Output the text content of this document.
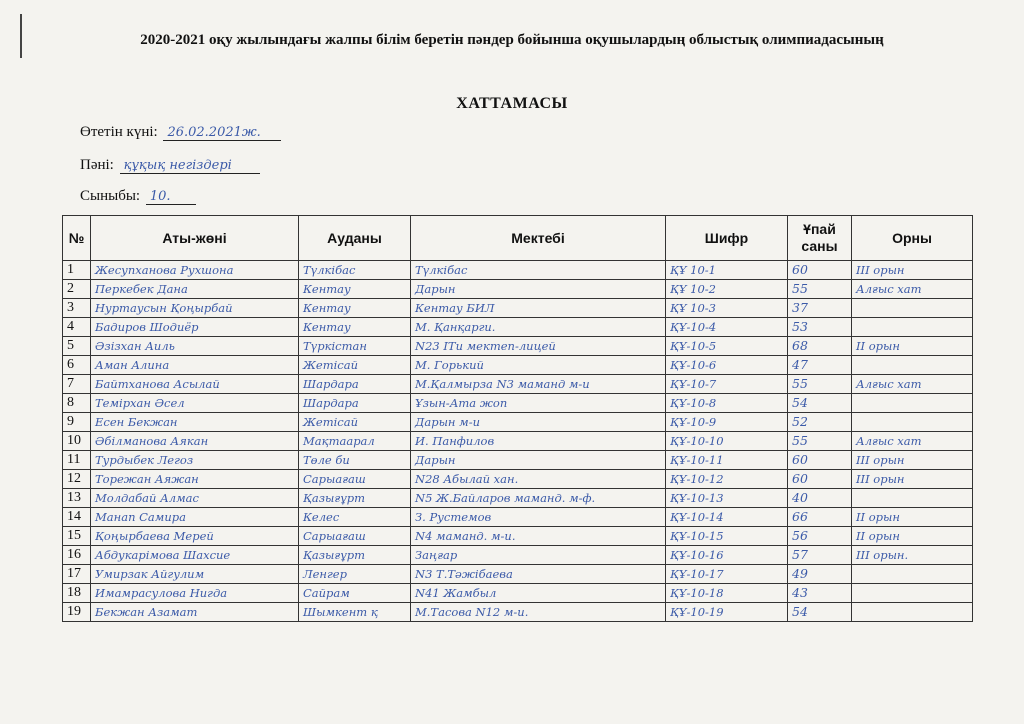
2020-2021 оқу жылындағы жалпы білім беретін пәндер бойынша оқушылардың облыстық олимпиадасының
ХАТТАМАСЫ
Өтетін күні: 26.02.2021ж.
Пәні: құқық негіздері
Сыныбы: 10.
№	Аты-жөні	Ауданы	Мектебі	Шифр	Ұпай саны	Орны
1	Жесупханова Рухшона	Түлкібас	Түлкібас	ҚҰ 10-1	60	III орын
2	Перкебек Дана	Кентау	Дарын	ҚҰ 10-2	55	Алғыс хат
3	Нуртаусын Қоңырбай	Кентау	Кентау БИЛ	ҚҰ 10-3	37	
4	Бадиров Шодиёр	Кентау	М. Қанқарги.	ҚҰ-10-4	53	
5	Әзізхан Аиль	Түркістан	N23 ІТи мектеп-лицей	ҚҰ-10-5	68	II орын
6	Аман Алина	Жетісай	М. Горький	ҚҰ-10-6	47	
7	Байтханова Асылай	Шардара	М.Қалмырза N3 маманд м-и	ҚҰ-10-7	55	Алғыс хат
8	Темірхан Әсел	Шардара	Ұзын-Ата жоп	ҚҰ-10-8	54	
9	Есен Бекжан	Жетісай	Дарын м-и	ҚҰ-10-9	52	
10	Әбілманова Аякан	Мақтаарал	И. Панфилов	ҚҰ-10-10	55	Алғыс хат
11	Турдыбек Легоз	Төле би	Дарын	ҚҰ-10-11	60	III орын
12	Торежан Аяжан	Сарыағаш	N28 Абылай хан.	ҚҰ-10-12	60	III орын
13	Молдабай Алмас	Қазығұрт	N5 Ж.Байларов маманд. м-ф.	ҚҰ-10-13	40	
14	Манап Самира	Келес	З. Рустемов	ҚҰ-10-14	66	II орын
15	Қоңырбаева Мерей	Сарыағаш	N4 маманд. м-и.	ҚҰ-10-15	56	II орын
16	Абдукарімова Шахсие	Қазығұрт	Заңғар	ҚҰ-10-16	57	III орын.
17	Умирзак Айгулим	Ленгер	N3 Т.Тәжібаева	ҚҰ-10-17	49	
18	Имамрасулова Нигда	Сайрам	N41 Жамбыл	ҚҰ-10-18	43	
19	Бекжан Азамат	Шымкент қ	М.Тасова N12 м-и.	ҚҰ-10-19	54	
